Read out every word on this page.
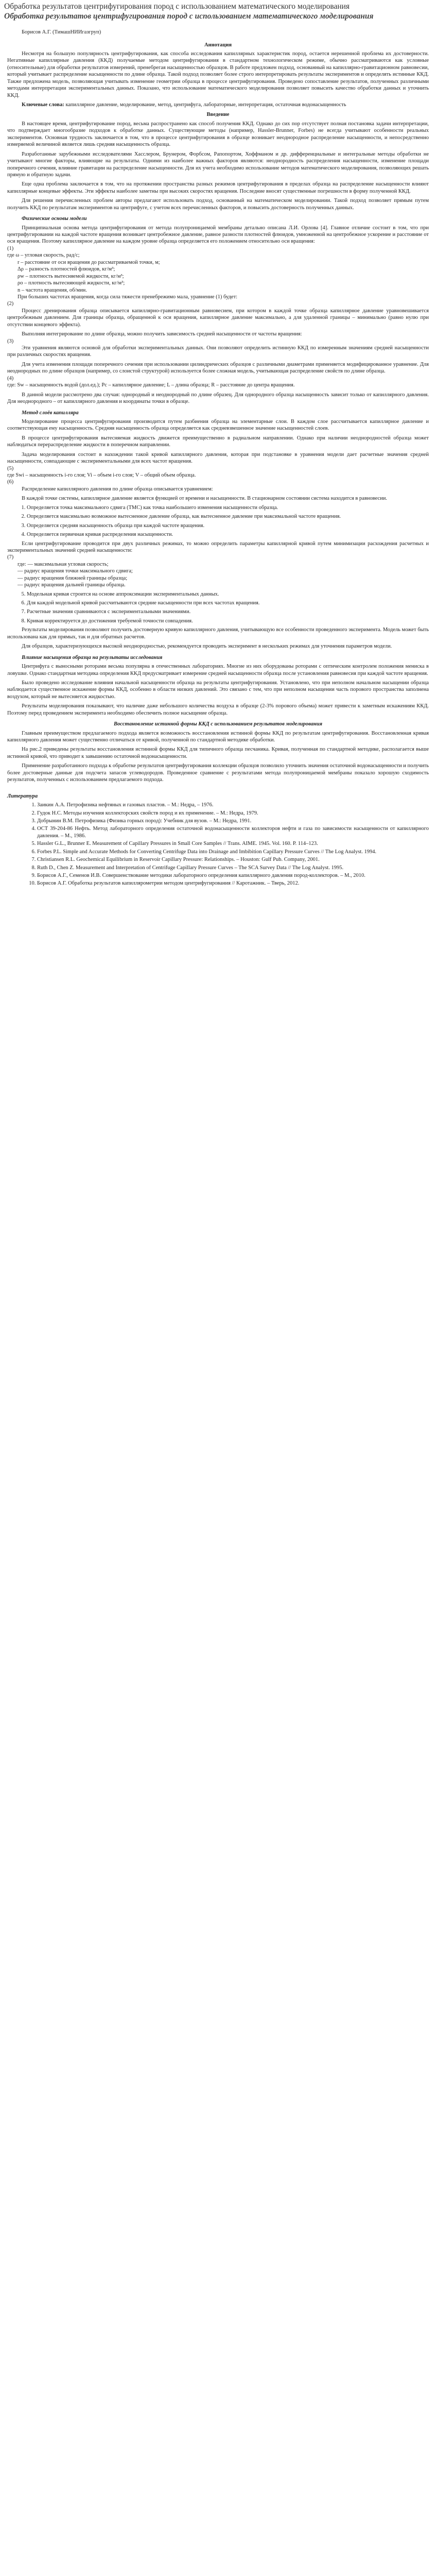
Обработка результатов центрифугирования пород с использованием математического моделирования
Обработка результатов центрифугирования пород с использованием математического моделирования

Борисов А.Г. (ТимашНИИгазгруп)

Аннотация

Несмотря на большую популярность центрифугирования, как способа исследования капиллярных характеристик пород, остается нерешенной проблема их достоверности. Негативные капиллярные давления (ККД) получаемые методом центрифугирования в стандартном технологическом режиме, обычно рассматриваются как условные (относительные) для обработки результатов измерений, пренебрегая насыщенностью образцов. В работе предложен подход, основанный на капиллярно-гравитационном равновесии, который учитывает распределение насыщенности по длине образца. Такой подход позволяет более строго интерпретировать результаты экспериментов и определять истинные ККД. Также предложена модель, позволяющая учитывать изменение геометрии образца в процессе центрифугирования. Проведено сопоставление результатов, полученных различными методами интерпретации экспериментальных данных. Показано, что использование математического моделирования позволяет повысить качество обработки данных и уточнить ККД.

Ключевые слова: капиллярное давление, моделирование, метод, центрифуга, лабораторные, интерпретация, остаточная водонасыщенность

Введение

В настоящее время, центрифугирование пород, весьма распространено как способ получения ККД. Однако до сих пор отсутствует полная постановка задачи интерпретации, что подтверждает многообразие подходов к обработке данных. Существующие методы (например, Hassler-Brunner, Forbes) не всегда учитывают особенности реальных экспериментов. Основная трудность заключается в том, что в процессе центрифугирования в образце возникает неоднородное распределение насыщенности, и непосредственно измеряемой величиной является лишь средняя насыщенность образца.

Разработанные зарубежными исследователями Хасслером, Брунером, Форбсом, Рапопортом, Хоффманом и др. дифференциальные и интегральные методы обработки не учитывают многие факторы, влияющие на результаты. Одними из наиболее важных факторов являются: неоднородность распределения насыщенности, изменение площади поперечного сечения, влияние гравитации на распределение насыщенности. Для их учета необходимо использование методов математического моделирования, позволяющих решать прямую и обратную задачи.

Еще одна проблема заключается в том, что на протяжении пространства разных режимов центрифугирования в пределах образца на распределение насыщенности влияют капиллярные концевые эффекты. Эти эффекты наиболее заметны при высоких скоростях вращения. Последние вносят существенные погрешности в форму полученной ККД.

Для решения перечисленных проблем авторы предлагают использовать подход, основанный на математическом моделировании. Такой подход позволяет прямым путем получить ККД по результатам экспериментов на центрифуге, с учетом всех перечисленных факторов, и повысить достоверность полученных данных.

Физические основы модели

Принципиальная основа метода центрифугирования от метода полупроницаемой мембраны детально описана Л.И. Орлова [4]. Главное отличие состоит в том, что при центрифугировании на каждой частоте вращения возникает центробежное давление, равное разности плотностей флюидов, умноженной на центробежное ускорение и расстояние от оси вращения. Поэтому капиллярное давление на каждом уровне образца определяется его положением относительно оси вращения:

(1)

где ω – угловая скорость, рад/с;

r – расстояние от оси вращения до рассматриваемой точки, м;
Δρ – разность плотностей флюидов, кг/м³;
ρw – плотность вытесняемой жидкости, кг/м³;
ρo – плотность вытесняющей жидкости, кг/м³;
n – частота вращения, об/мин.

При больших частотах вращения, когда сила тяжести пренебрежимо мала, уравнение (1) будет:

(2)

Процесс дренирования образца описывается капиллярно-гравитационным равновесием, при котором в каждой точке образца капиллярное давление уравновешивается центробежным давлением. Для границы образца, обращенной к оси вращения, капиллярное давление максимально, а для удаленной границы – минимально (равно нулю при отсутствии концевого эффекта).

Выполняя интегрирование по длине образца, можно получить зависимость средней насыщенности от частоты вращения:

(3)

Эти уравнения являются основой для обработки экспериментальных данных. Они позволяют определить истинную ККД по измеренным значениям средней насыщенности при различных скоростях вращения.

Для учета изменения площади поперечного сечения при использовании цилиндрических образцов с различными диаметрами применяется модифицированное уравнение. Для неоднородных по длине образцов (например, со слоистой структурой) используется более сложная модель, учитывающая распределение свойств по длине образца.

(4)

где: Sw – насыщенность водой (дол.ед.); Pc – капиллярное давление; L – длина образца; R – расстояние до центра вращения.

В данной модели рассмотрено два случая: однородный и неоднородный по длине образец. Для однородного образца насыщенность зависит только от капиллярного давления. Для неоднородного – от капиллярного давления и координаты точки в образце.

Метод слоёв капилляра

Моделирование процесса центрифугирования производится путем разбиения образца на элементарные слои. В каждом слое рассчитывается капиллярное давление и соответствующая ему насыщенность. Средняя насыщенность образца определяется как средневзвешенное значение насыщенностей слоев.

В процессе центрифугирования вытесняемая жидкость движется преимущественно в радиальном направлении. Однако при наличии неоднородностей образца может наблюдаться перераспределение жидкости в поперечном направлении.

Задача моделирования состоит в нахождении такой кривой капиллярного давления, которая при подстановке в уравнения модели дает расчетные значения средней насыщенности, совпадающие с экспериментальными для всех частот вращения.

(5)

где Swi – насыщенность i-го слоя; Vi – объем i-го слоя; V – общий объем образца.

(6)

Распределение капиллярного давления по длине образца описывается уравнением:

В каждой точке системы, капиллярное давление является функцией от времени и насыщенности. В стационарном состоянии система находится в равновесии.

1. Определяется точка максимального сдвига (ТМС) как точка наибольшего изменения насыщенности образца.
2. Определяется максимально возможное вытесненное давление образца, как вытесненное давление при максимальной частоте вращения.
3. Определяется средняя насыщенность образца при каждой частоте вращения.
4. Определяется первичная кривая распределения насыщенности.

Если центрифугирование проводится при двух различных режимах, то можно определить параметры капиллярной кривой путем минимизации расхождения расчетных и экспериментальных значений средней насыщенности:

(7)

где: — максимальная угловая скорость;
— радиус вращения точки максимального сдвига;
— радиус вращения ближней границы образца;
— радиус вращения дальней границы образца.
5. Модельная кривая строится на основе аппроксимации экспериментальных данных.
6. Для каждой модельной кривой рассчитываются средние насыщенности при всех частотах вращения.
7. Расчетные значения сравниваются с экспериментальными значениями.
8. Кривая корректируется до достижения требуемой точности совпадения.

Результаты моделирования позволяют получить достоверную кривую капиллярного давления, учитывающую все особенности проведенного эксперимента. Модель может быть использована как для прямых, так и для обратных расчетов.

Для образцов, характеризующихся высокой неоднородностью, рекомендуется проводить эксперимент в нескольких режимах для уточнения параметров модели.

Влияние насыщения образца на результаты исследования

Центрифуга с выносными роторами весьма популярна в отечественных лабораториях. Многие из них оборудованы роторами с оптическим контролем положения мениска в ловушке. Однако стандартная методика определения ККД предусматривает измерение средней насыщенности образца после установления равновесия при каждой частоте вращения.

Было проведено исследование влияния начальной насыщенности образца на результаты центрифугирования. Установлено, что при неполном начальном насыщении образца наблюдается существенное искажение формы ККД, особенно в области низких давлений. Это связано с тем, что при неполном насыщении часть порового пространства заполнена воздухом, который не вытесняется жидкостью.

Результаты моделирования показывают, что наличие даже небольшого количества воздуха в образце (2-3% порового объема) может привести к заметным искажениям ККД. Поэтому перед проведением эксперимента необходимо обеспечить полное насыщение образца.

Восстановление истинной формы ККД с использованием результатов моделирования

Главным преимуществом предлагаемого подхода является возможность восстановления истинной формы ККД по результатам центрифугирования. Восстановленная кривая капиллярного давления может существенно отличаться от кривой, полученной по стандартной методике обработки.

На рис.2 приведены результаты восстановления истинной формы ККД для типичного образца песчаника. Кривая, полученная по стандартной методике, располагается выше истинной кривой, что приводит к завышению остаточной водонасыщенности.

Применение разработанного подхода к обработке результатов центрифугирования коллекции образцов позволило уточнить значения остаточной водонасыщенности и получить более достоверные данные для подсчета запасов углеводородов. Проведенное сравнение с результатами метода полупроницаемой мембраны показало хорошую сходимость результатов, полученных с использованием предлагаемого подхода.

Литература
1. Заикин А.А. Петрофизика нефтяных и газовых пластов. – М.: Недра, – 1976.
2. Гудок Н.С. Методы изучения коллекторских свойств пород и их применение. – М.: Недра, 1979.
3. Добрынин В.М. Петрофизика (Физика горных пород): Учебник для вузов. – М.: Недра, 1991.
4. ОСТ 39-204-86 Нефть. Метод лабораторного определения остаточной водонасыщенности коллекторов нефти и газа по зависимости насыщенности от капиллярного давления. – М., 1986.
5. Hassler G.L., Brunner E. Measurement of Capillary Pressures in Small Core Samples // Trans. AIME. 1945. Vol. 160. P. 114–123.
6. Forbes P.L. Simple and Accurate Methods for Converting Centrifuge Data into Drainage and Imbibition Capillary Pressure Curves // The Log Analyst. 1994.
7. Christiansen R.L. Geochemical Equilibrium in Reservoir Capillary Pressure: Relationships. – Houston: Gulf Pub. Company, 2001.
8. Ruth D., Chen Z. Measurement and Interpretation of Centrifuge Capillary Pressure Curves – The SCA Survey Data // The Log Analyst. 1995.
9. Борисов А.Г., Семенов И.В. Совершенствование методики лабораторного определения капиллярного давления пород-коллекторов. – М., 2010.
10. Борисов А.Г. Обработка результатов капиллярометрии методом центрифугирования // Каротажник. – Тверь, 2012.
